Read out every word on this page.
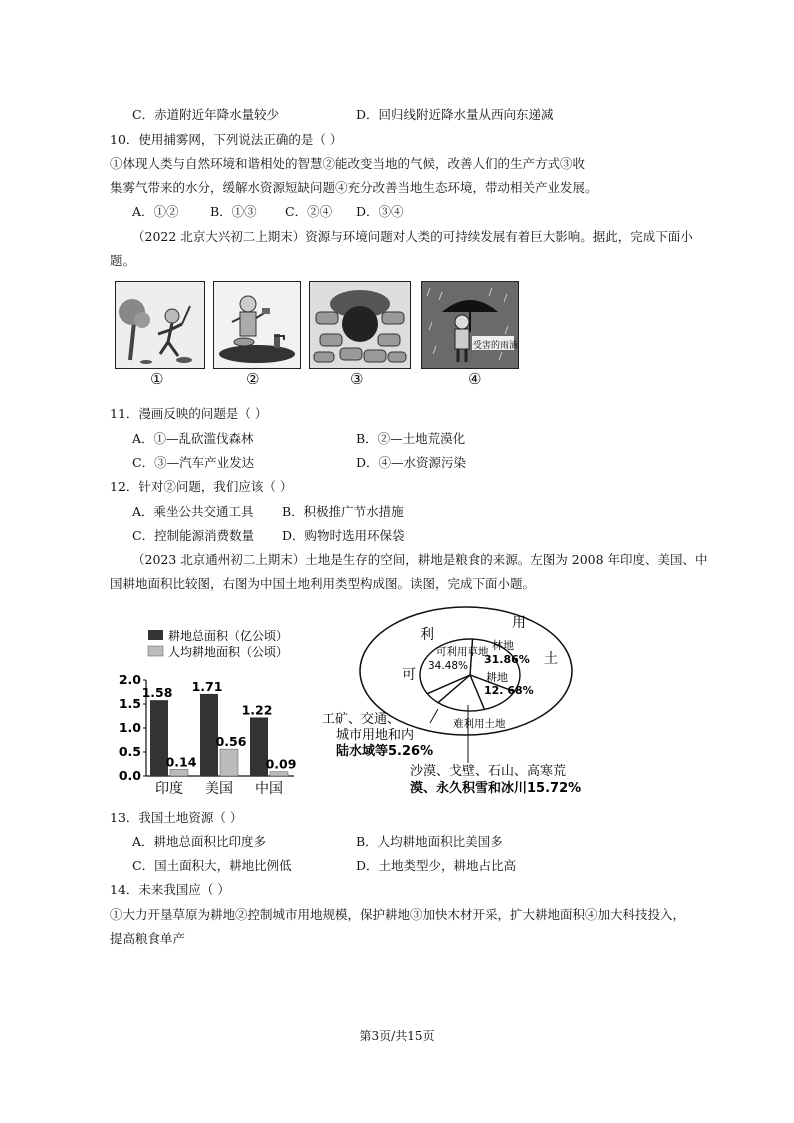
C．赤道附近年降水量较少	D．回归线附近降水量从西向东递减
10．使用捕雾网，下列说法正确的是（ ）
①体现人类与自然环境和谐相处的智慧②能改变当地的气候，改善人们的生产方式③收
集雾气带来的水分，缓解水资源短缺问题④充分改善当地生态环境，带动相关产业发展。
A．①②	B．①③ C．②④ D．③④
（2022 北京大兴初二上期末）资源与环境问题对人类的可持续发展有着巨大影响。据此，完成下面小
题。
受害的雨滴
①	②	③	④
11．漫画反映的问题是（ ）
A．①—乱砍滥伐森林	B．②—土地荒漠化
C．③—汽车产业发达	D．④—水资源污染
12．针对②问题，我们应该（ ）
A．乘坐公共交通工具 B．积极推广节水措施
C．控制能源消费数量 D．购物时选用环保袋
（2023 北京通州初二上期末）土地是生存的空间，耕地是粮食的来源。左图为 2008 年印度、美国、中
国耕地面积比较图，右图为中国土地利用类型构成图。读图，完成下面小题。
耕地总面积（亿公顷）
人均耕地面积（公顷）
2.0
1.5
1.0
0.5
0.0
1.58
0.14
印度
1.71
0.56
美国
1.22
0.09
中国
利
用
土
可
可利用草地
34.48%
林地
31.86%
耕地
12. 68%
难利用土地
工矿、交通、
城市用地和内
陆水域等5.26%
沙漠、戈壁、石山、高寒荒
漠、永久积雪和冰川15.72%
13．我国土地资源（ ）
A．耕地总面积比印度多	B．人均耕地面积比美国多
C．国土面积大，耕地比例低	D．土地类型少，耕地占比高
14．未来我国应（ ）
①大力开垦草原为耕地②控制城市用地规模，保护耕地③加快木材开采，扩大耕地面积④加大科技投入，
提高粮食单产
第3页/共15页
